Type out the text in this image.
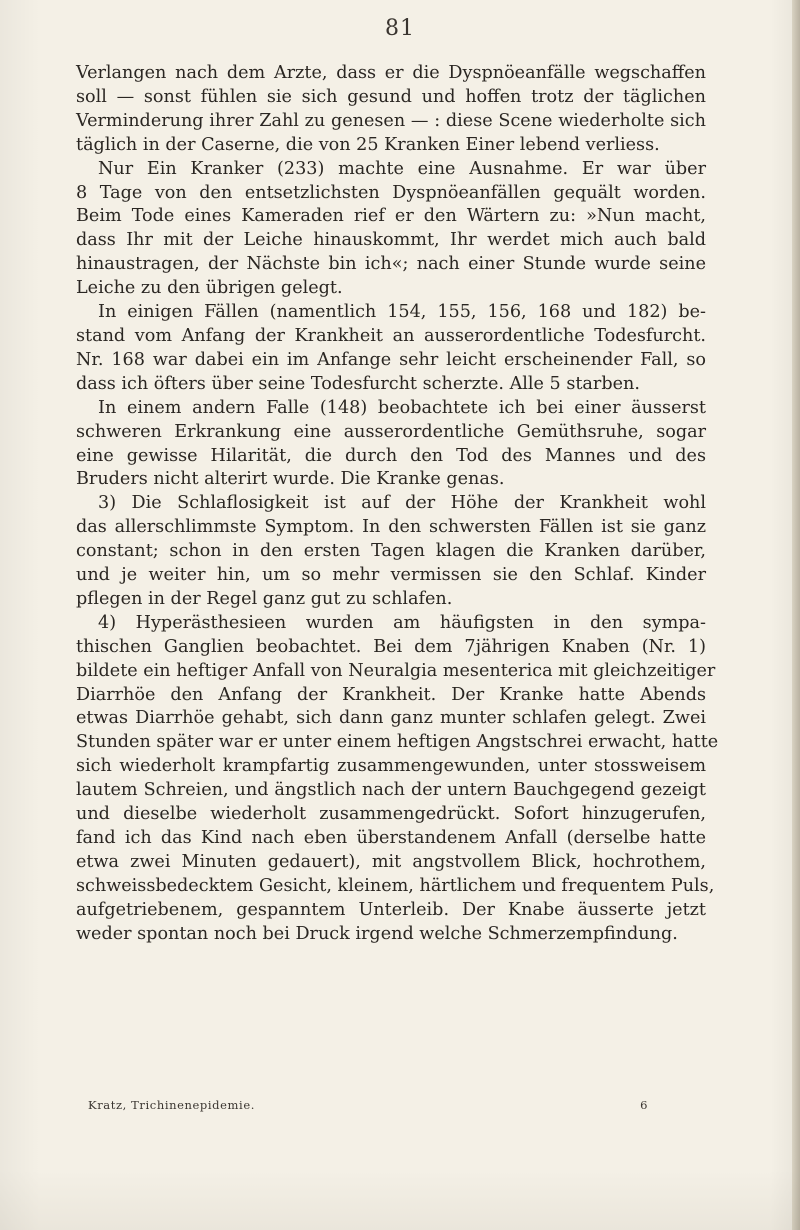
81
Verlangen nach dem Arzte, dass er die Dyspnöeanfälle wegschaffen
soll — sonst fühlen sie sich gesund und hoffen trotz der täglichen
Verminderung ihrer Zahl zu genesen — : diese Scene wiederholte sich
täglich in der Caserne, die von 25 Kranken Einer lebend verliess.
Nur Ein Kranker (233) machte eine Ausnahme. Er war über
8 Tage von den entsetzlichsten Dyspnöeanfällen gequält worden.
Beim Tode eines Kameraden rief er den Wärtern zu: »Nun macht,
dass Ihr mit der Leiche hinauskommt, Ihr werdet mich auch bald
hinaustragen, der Nächste bin ich«; nach einer Stunde wurde seine
Leiche zu den übrigen gelegt.
In einigen Fällen (namentlich 154, 155, 156, 168 und 182) be-
stand vom Anfang der Krankheit an ausserordentliche Todesfurcht.
Nr. 168 war dabei ein im Anfange sehr leicht erscheinender Fall, so
dass ich öfters über seine Todesfurcht scherzte. Alle 5 starben.
In einem andern Falle (148) beobachtete ich bei einer äusserst
schweren Erkrankung eine ausserordentliche Gemüthsruhe, sogar
eine gewisse Hilarität, die durch den Tod des Mannes und des
Bruders nicht alterirt wurde. Die Kranke genas.
3) Die Schlaflosigkeit ist auf der Höhe der Krankheit wohl
das allerschlimmste Symptom. In den schwersten Fällen ist sie ganz
constant; schon in den ersten Tagen klagen die Kranken darüber,
und je weiter hin, um so mehr vermissen sie den Schlaf. Kinder
pflegen in der Regel ganz gut zu schlafen.
4) Hyperästhesieen wurden am häufigsten in den sympa-
thischen Ganglien beobachtet. Bei dem 7jährigen Knaben (Nr. 1)
bildete ein heftiger Anfall von Neuralgia mesenterica mit gleichzeitiger
Diarrhöe den Anfang der Krankheit. Der Kranke hatte Abends
etwas Diarrhöe gehabt, sich dann ganz munter schlafen gelegt. Zwei
Stunden später war er unter einem heftigen Angstschrei erwacht, hatte
sich wiederholt krampfartig zusammengewunden, unter stossweisem
lautem Schreien, und ängstlich nach der untern Bauchgegend gezeigt
und dieselbe wiederholt zusammengedrückt. Sofort hinzugerufen,
fand ich das Kind nach eben überstandenem Anfall (derselbe hatte
etwa zwei Minuten gedauert), mit angstvollem Blick, hochrothem,
schweissbedecktem Gesicht, kleinem, härtlichem und frequentem Puls,
aufgetriebenem, gespanntem Unterleib. Der Knabe äusserte jetzt
weder spontan noch bei Druck irgend welche Schmerzempfindung.
Kratz, Trichinenepidemie.	6
